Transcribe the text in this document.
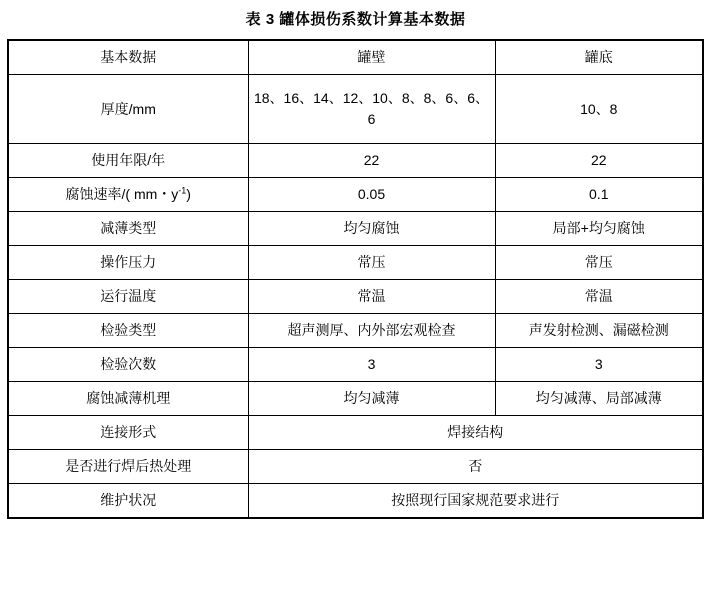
表 3 罐体损伤系数计算基本数据
基本数据	罐壁	罐底
厚度/mm	18、16、14、12、10、8、8、6、6、6	10、8
使用年限/年	22	22
腐蚀速率/( mm・$y^{-1}$)	0.05	0.1
减薄类型	均匀腐蚀	局部+均匀腐蚀
操作压力	常压	常压
运行温度	常温	常温
检验类型	超声测厚、内外部宏观检查	声发射检测、漏磁检测
检验次数	3	3
腐蚀减薄机理	均匀减薄	均匀减薄、局部减薄
连接形式	焊接结构	
是否进行焊后热处理	否	
维护状况	按照现行国家规范要求进行	
